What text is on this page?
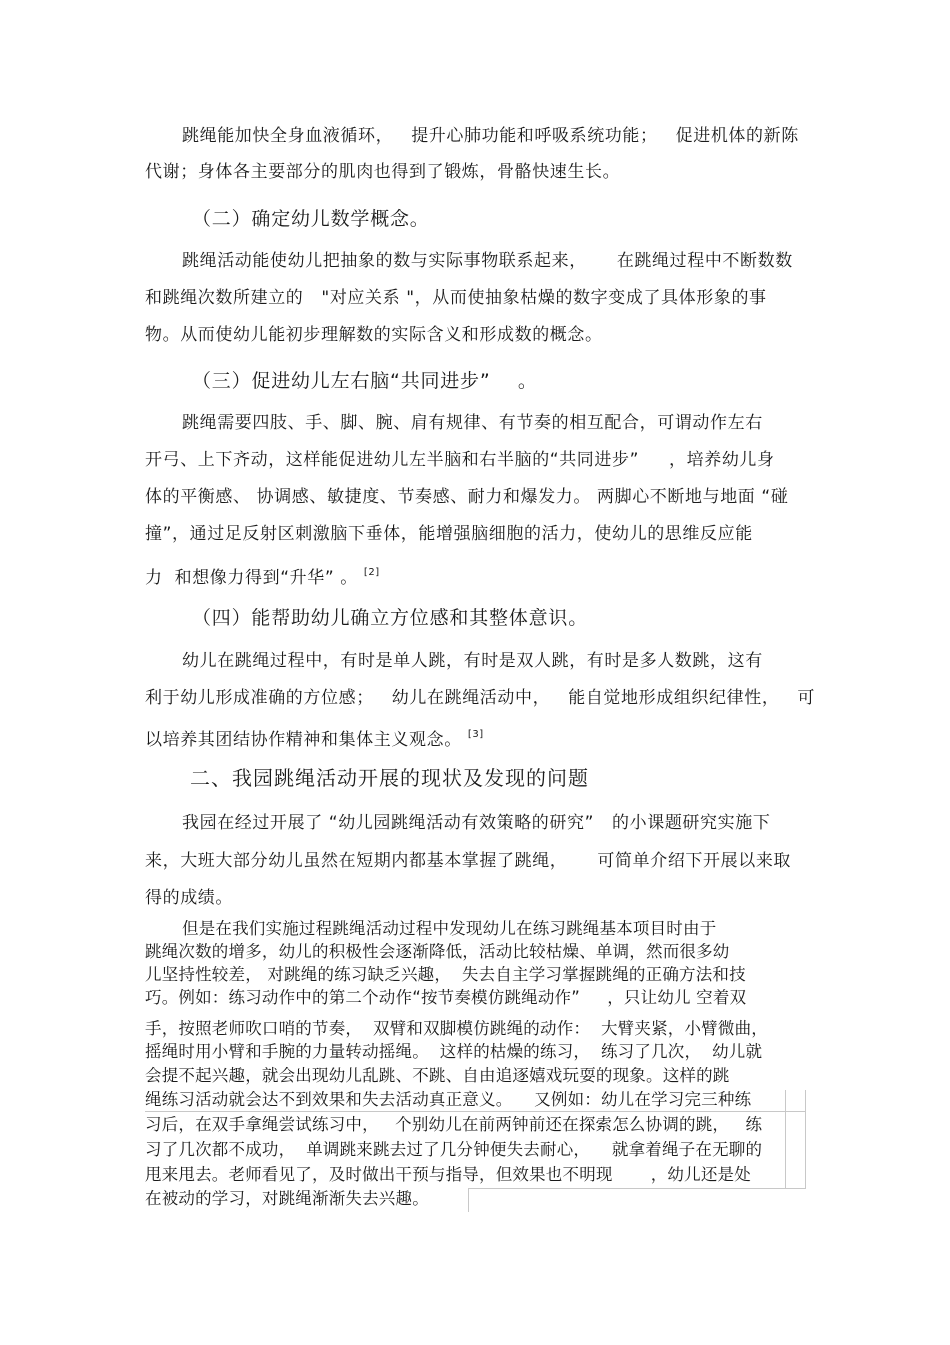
跳绳能加快全身血液循环，   提升心肺功能和呼吸系统功能；   促进机体的新陈
代谢；身体各主要部分的肌肉也得到了锻炼，骨骼快速生长。
（二）确定幼儿数学概念。
跳绳活动能使幼儿把抽象的数与实际事物联系起来，     在跳绳过程中不断数数
和跳绳次数所建立的   "对应关系 "，从而使抽象枯燥的数字变成了具体形象的事
物。从而使幼儿能初步理解数的实际含义和形成数的概念。
（三）促进幼儿左右脑“共同进步”    。
跳绳需要四肢、手、脚、腕、肩有规律、有节奏的相互配合，可谓动作左右
开弓、上下齐动，这样能促进幼儿左半脑和右半脑的“共同进步”     ，培养幼儿身
体的平衡感、 协调感、敏捷度、节奏感、耐力和爆发力。 两脚心不断地与地面 “碰
撞”，通过足反射区刺激脑下垂体，能增强脑细胞的活力，使幼儿的思维反应能
力  和想像力得到“升华” 。 [2]
（四）能帮助幼儿确立方位感和其整体意识。
幼儿在跳绳过程中，有时是单人跳，有时是双人跳，有时是多人数跳，这有
利于幼儿形成准确的方位感；   幼儿在跳绳活动中，   能自觉地形成组织纪律性，   可
以培养其团结协作精神和集体主义观念。 [3]
二、我园跳绳活动开展的现状及发现的问题
我园在经过开展了 “幼儿园跳绳活动有效策略的研究”   的小课题研究实施下
来，大班大部分幼儿虽然在短期内都基本掌握了跳绳，     可简单介绍下开展以来取
得的成绩。
但是在我们实施过程跳绳活动过程中发现幼儿在练习跳绳基本项目时由于
跳绳次数的增多，幼儿的积极性会逐渐降低，活动比较枯燥、单调，然而很多幼
儿坚持性较差， 对跳绳的练习缺乏兴趣，  失去自主学习掌握跳绳的正确方法和技
巧。例如：练习动作中的第二个动作“按节奏模仿跳绳动作”     ，只让幼儿 空着双
手，按照老师吹口哨的节奏，  双臂和双脚模仿跳绳的动作：  大臂夹紧，小臂微曲，
摇绳时用小臂和手腕的力量转动摇绳。  这样的枯燥的练习，  练习了几次，  幼儿就
会提不起兴趣，就会出现幼儿乱跳、不跳、自由追逐嬉戏玩耍的现象。这样的跳
绳练习活动就会达不到效果和失去活动真正意义。    又例如：幼儿在学习完三种练
习后，在双手拿绳尝试练习中，   个别幼儿在前两钟前还在探索怎么协调的跳，   练
习了几次都不成功，  单调跳来跳去过了几分钟便失去耐心，    就拿着绳子在无聊的
甩来甩去。老师看见了，及时做出干预与指导，但效果也不明现       ，幼儿还是处
在被动的学习，对跳绳渐渐失去兴趣。
